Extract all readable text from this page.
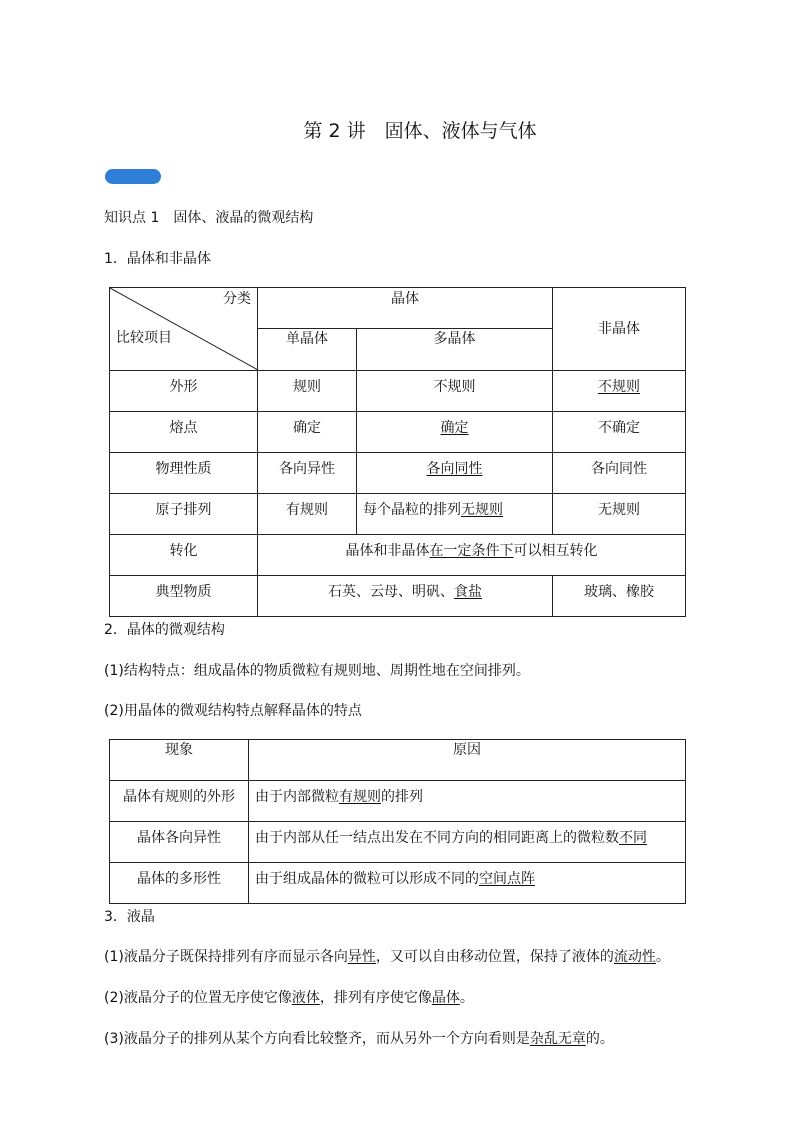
第 2 讲　固体、液体与气体
知识点 1　固体、液晶的微观结构
1．晶体和非晶体
分类
比较项目	晶体		非晶体

	单晶体	多晶体	

外形	规则	不规则	不规则

熔点	确定	确定	不确定

物理性质	各向异性	各向同性	各向同性

原子排列	有规则	每个晶粒的排列无规则	无规则

转化	晶体和非晶体在一定条件下可以相互转化		

典型物质	石英、云母、明矾、食盐		玻璃、橡胶
2．晶体的微观结构
(1)结构特点：组成晶体的物质微粒有规则地、周期性地在空间排列。
(2)用晶体的微观结构特点解释晶体的特点
现象	原因

晶体有规则的外形	由于内部微粒有规则的排列

晶体各向异性	由于内部从任一结点出发在不同方向的相同距离上的微粒数不同

晶体的多形性	由于组成晶体的微粒可以形成不同的空间点阵
3．液晶
(1)液晶分子既保持排列有序而显示各向异性，又可以自由移动位置，保持了液体的流动性。
(2)液晶分子的位置无序使它像液体，排列有序使它像晶体。
(3)液晶分子的排列从某个方向看比较整齐，而从另外一个方向看则是杂乱无章的。
